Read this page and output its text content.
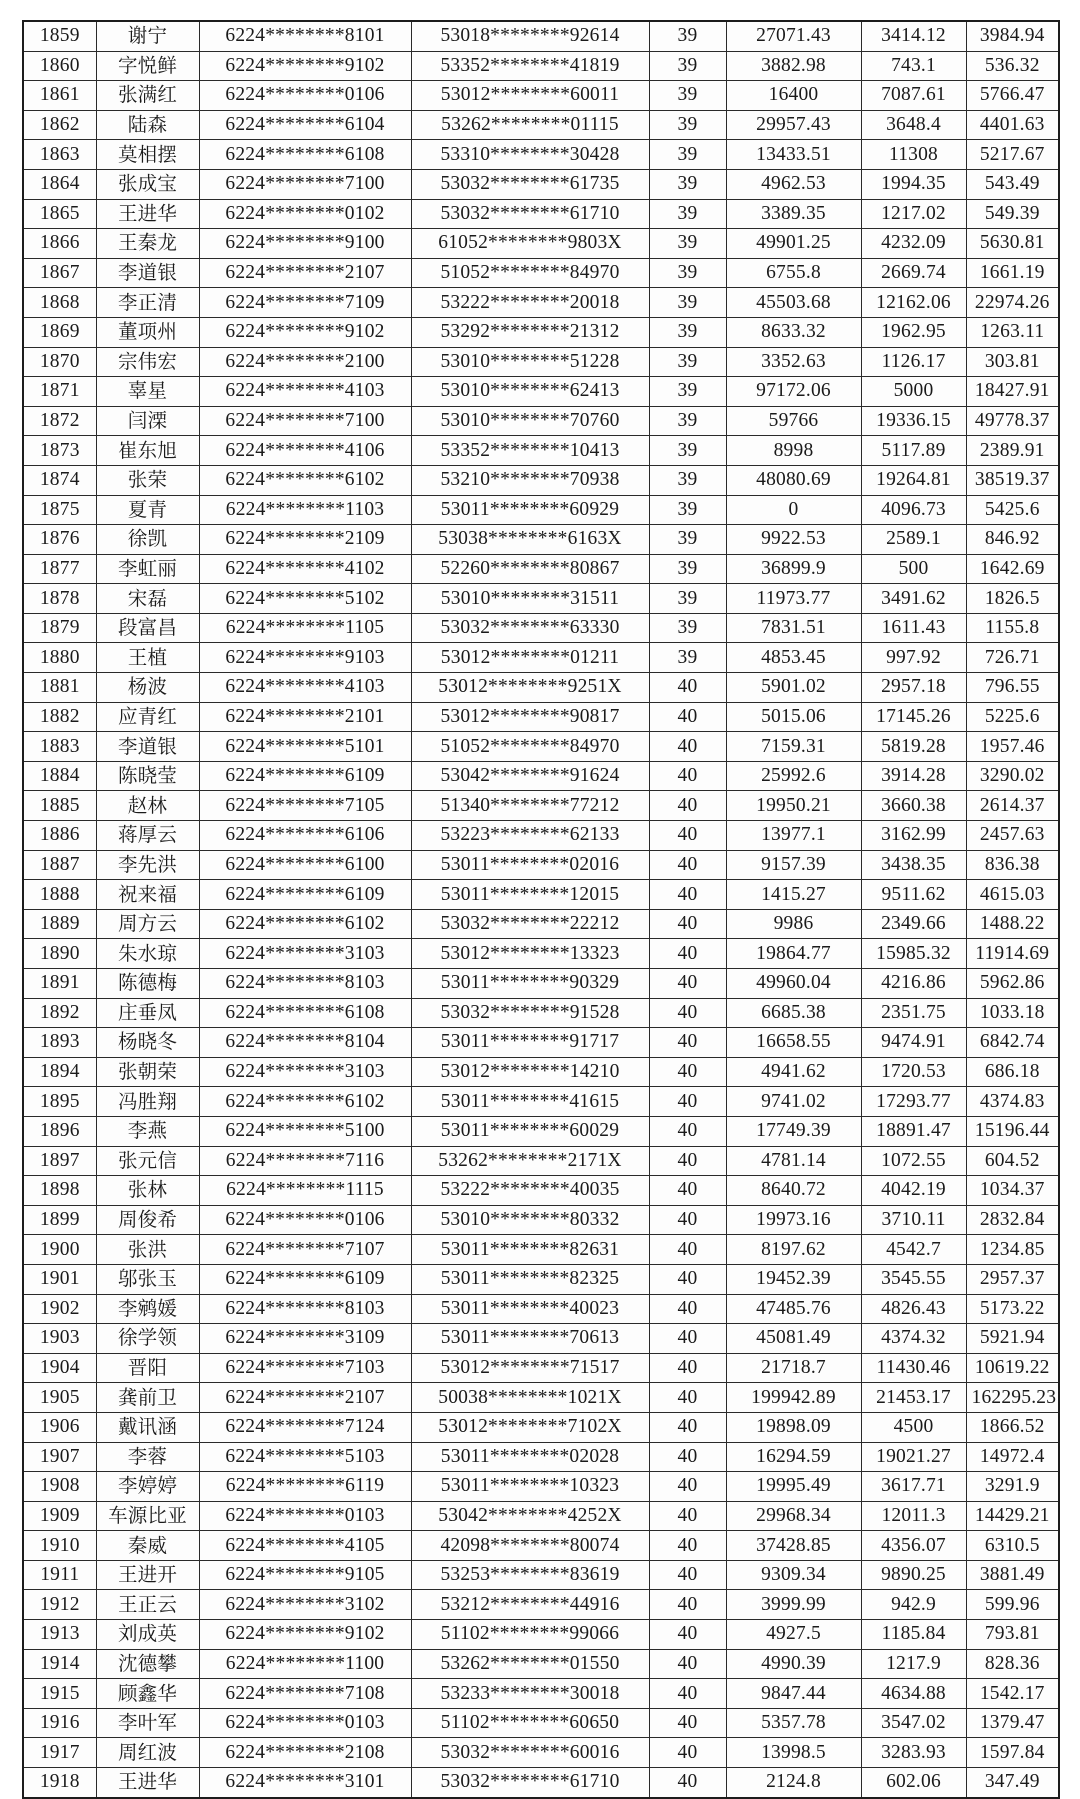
1859	谢宁	6224********8101	53018********92614	39	27071.43	3414.12	3984.94
1860	字悦鲜	6224********9102	53352********41819	39	3882.98	743.1	536.32
1861	张满红	6224********0106	53012********60011	39	16400	7087.61	5766.47
1862	陆森	6224********6104	53262********01115	39	29957.43	3648.4	4401.63
1863	莫相摆	6224********6108	53310********30428	39	13433.51	11308	5217.67
1864	张成宝	6224********7100	53032********61735	39	4962.53	1994.35	543.49
1865	王进华	6224********0102	53032********61710	39	3389.35	1217.02	549.39
1866	王秦龙	6224********9100	61052********9803X	39	49901.25	4232.09	5630.81
1867	李道银	6224********2107	51052********84970	39	6755.8	2669.74	1661.19
1868	李正清	6224********7109	53222********20018	39	45503.68	12162.06	22974.26
1869	董项州	6224********9102	53292********21312	39	8633.32	1962.95	1263.11
1870	宗伟宏	6224********2100	53010********51228	39	3352.63	1126.17	303.81
1871	辜星	6224********4103	53010********62413	39	97172.06	5000	18427.91
1872	闫溧	6224********7100	53010********70760	39	59766	19336.15	49778.37
1873	崔东旭	6224********4106	53352********10413	39	8998	5117.89	2389.91
1874	张荣	6224********6102	53210********70938	39	48080.69	19264.81	38519.37
1875	夏青	6224********1103	53011********60929	39	0	4096.73	5425.6
1876	徐凯	6224********2109	53038********6163X	39	9922.53	2589.1	846.92
1877	李虹丽	6224********4102	52260********80867	39	36899.9	500	1642.69
1878	宋磊	6224********5102	53010********31511	39	11973.77	3491.62	1826.5
1879	段富昌	6224********1105	53032********63330	39	7831.51	1611.43	1155.8
1880	王植	6224********9103	53012********01211	39	4853.45	997.92	726.71
1881	杨波	6224********4103	53012********9251X	40	5901.02	2957.18	796.55
1882	应青红	6224********2101	53012********90817	40	5015.06	17145.26	5225.6
1883	李道银	6224********5101	51052********84970	40	7159.31	5819.28	1957.46
1884	陈晓莹	6224********6109	53042********91624	40	25992.6	3914.28	3290.02
1885	赵林	6224********7105	51340********77212	40	19950.21	3660.38	2614.37
1886	蒋厚云	6224********6106	53223********62133	40	13977.1	3162.99	2457.63
1887	李先洪	6224********6100	53011********02016	40	9157.39	3438.35	836.38
1888	祝来福	6224********6109	53011********12015	40	1415.27	9511.62	4615.03
1889	周方云	6224********6102	53032********22212	40	9986	2349.66	1488.22
1890	朱水琼	6224********3103	53012********13323	40	19864.77	15985.32	11914.69
1891	陈德梅	6224********8103	53011********90329	40	49960.04	4216.86	5962.86
1892	庄垂凤	6224********6108	53032********91528	40	6685.38	2351.75	1033.18
1893	杨晓冬	6224********8104	53011********91717	40	16658.55	9474.91	6842.74
1894	张朝荣	6224********3103	53012********14210	40	4941.62	1720.53	686.18
1895	冯胜翔	6224********6102	53011********41615	40	9741.02	17293.77	4374.83
1896	李燕	6224********5100	53011********60029	40	17749.39	18891.47	15196.44
1897	张元信	6224********7116	53262********2171X	40	4781.14	1072.55	604.52
1898	张林	6224********1115	53222********40035	40	8640.72	4042.19	1034.37
1899	周俊希	6224********0106	53010********80332	40	19973.16	3710.11	2832.84
1900	张洪	6224********7107	53011********82631	40	8197.62	4542.7	1234.85
1901	邬张玉	6224********6109	53011********82325	40	19452.39	3545.55	2957.37
1902	李鹓媛	6224********8103	53011********40023	40	47485.76	4826.43	5173.22
1903	徐学领	6224********3109	53011********70613	40	45081.49	4374.32	5921.94
1904	晋阳	6224********7103	53012********71517	40	21718.7	11430.46	10619.22
1905	龚前卫	6224********2107	50038********1021X	40	199942.89	21453.17	162295.23
1906	戴讯涵	6224********7124	53012********7102X	40	19898.09	4500	1866.52
1907	李蓉	6224********5103	53011********02028	40	16294.59	19021.27	14972.4
1908	李婷婷	6224********6119	53011********10323	40	19995.49	3617.71	3291.9
1909	车源比亚	6224********0103	53042********4252X	40	29968.34	12011.3	14429.21
1910	秦威	6224********4105	42098********80074	40	37428.85	4356.07	6310.5
1911	王进开	6224********9105	53253********83619	40	9309.34	9890.25	3881.49
1912	王正云	6224********3102	53212********44916	40	3999.99	942.9	599.96
1913	刘成英	6224********9102	51102********99066	40	4927.5	1185.84	793.81
1914	沈德攀	6224********1100	53262********01550	40	4990.39	1217.9	828.36
1915	顾鑫华	6224********7108	53233********30018	40	9847.44	4634.88	1542.17
1916	李叶军	6224********0103	51102********60650	40	5357.78	3547.02	1379.47
1917	周红波	6224********2108	53032********60016	40	13998.5	3283.93	1597.84
1918	王进华	6224********3101	53032********61710	40	2124.8	602.06	347.49
